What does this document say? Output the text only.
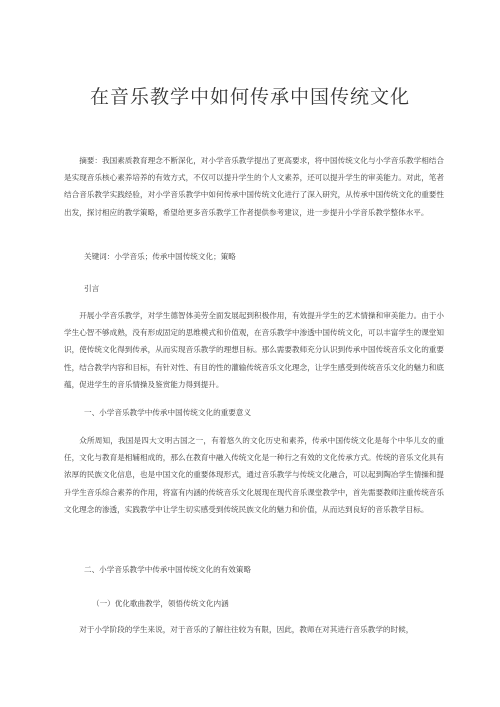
在音乐教学中如何传承中国传统文化

摘要：我国素质教育理念不断深化，对小学音乐教学提出了更高要求，将中国传统文化与小学音乐教学相结合是实现音乐核心素养培养的有效方式，不仅可以提升学生的个人文素养，还可以提升学生的审美能力。对此，笔者结合音乐教学实践经验，对小学音乐教学中如何传承中国传统文化进行了深入研究，从传承中国传统文化的重要性出发，探讨相应的教学策略，希望给更多音乐教学工作者提供参考建议，进一步提升小学音乐教学整体水平。

关键词：小学音乐；传承中国传统文化；策略
引言

开展小学音乐教学，对学生德智体美劳全面发展起到积极作用，有效提升学生的艺术情操和审美能力。由于小学生心智不够成熟，没有形成固定的思维模式和价值观，在音乐教学中渗透中国传统文化，可以丰富学生的课堂知识，使传统文化得到传承，从而实现音乐教学的理想目标。那么需要教师充分认识到传承中国传统音乐文化的重要性，结合教学内容和目标，有针对性、有目的性的灌输传统音乐文化理念，让学生感受到传统音乐文化的魅力和底蕴，促进学生的音乐情操及鉴赏能力得到提升。

一、小学音乐教学中传承中国传统文化的重要意义

众所周知，我国是四大文明古国之一，有着悠久的文化历史和素养，传承中国传统文化是每个中华儿女的重任，文化与教育是相辅相成的，那么在教育中融入传统文化是一种行之有效的文化传承方式。传统的音乐文化具有浓厚的民族文化信息，也是中国文化的重要体现形式，通过音乐教学与传统文化融合，可以起到陶冶学生情操和提升学生音乐综合素养的作用，将富有内涵的传统音乐文化展现在现代音乐课堂教学中，首先需要教师注重传统音乐文化理念的渗透，实践教学中让学生切实感受到传统民族文化的魅力和价值，从而达到良好的音乐教学目标。

二、小学音乐教学中传承中国传统文化的有效策略
（一）优化歌曲教学，领悟传统文化内涵

对于小学阶段的学生来说，对于音乐的了解往往较为有限，因此，教师在对其进行音乐教学的时候，
